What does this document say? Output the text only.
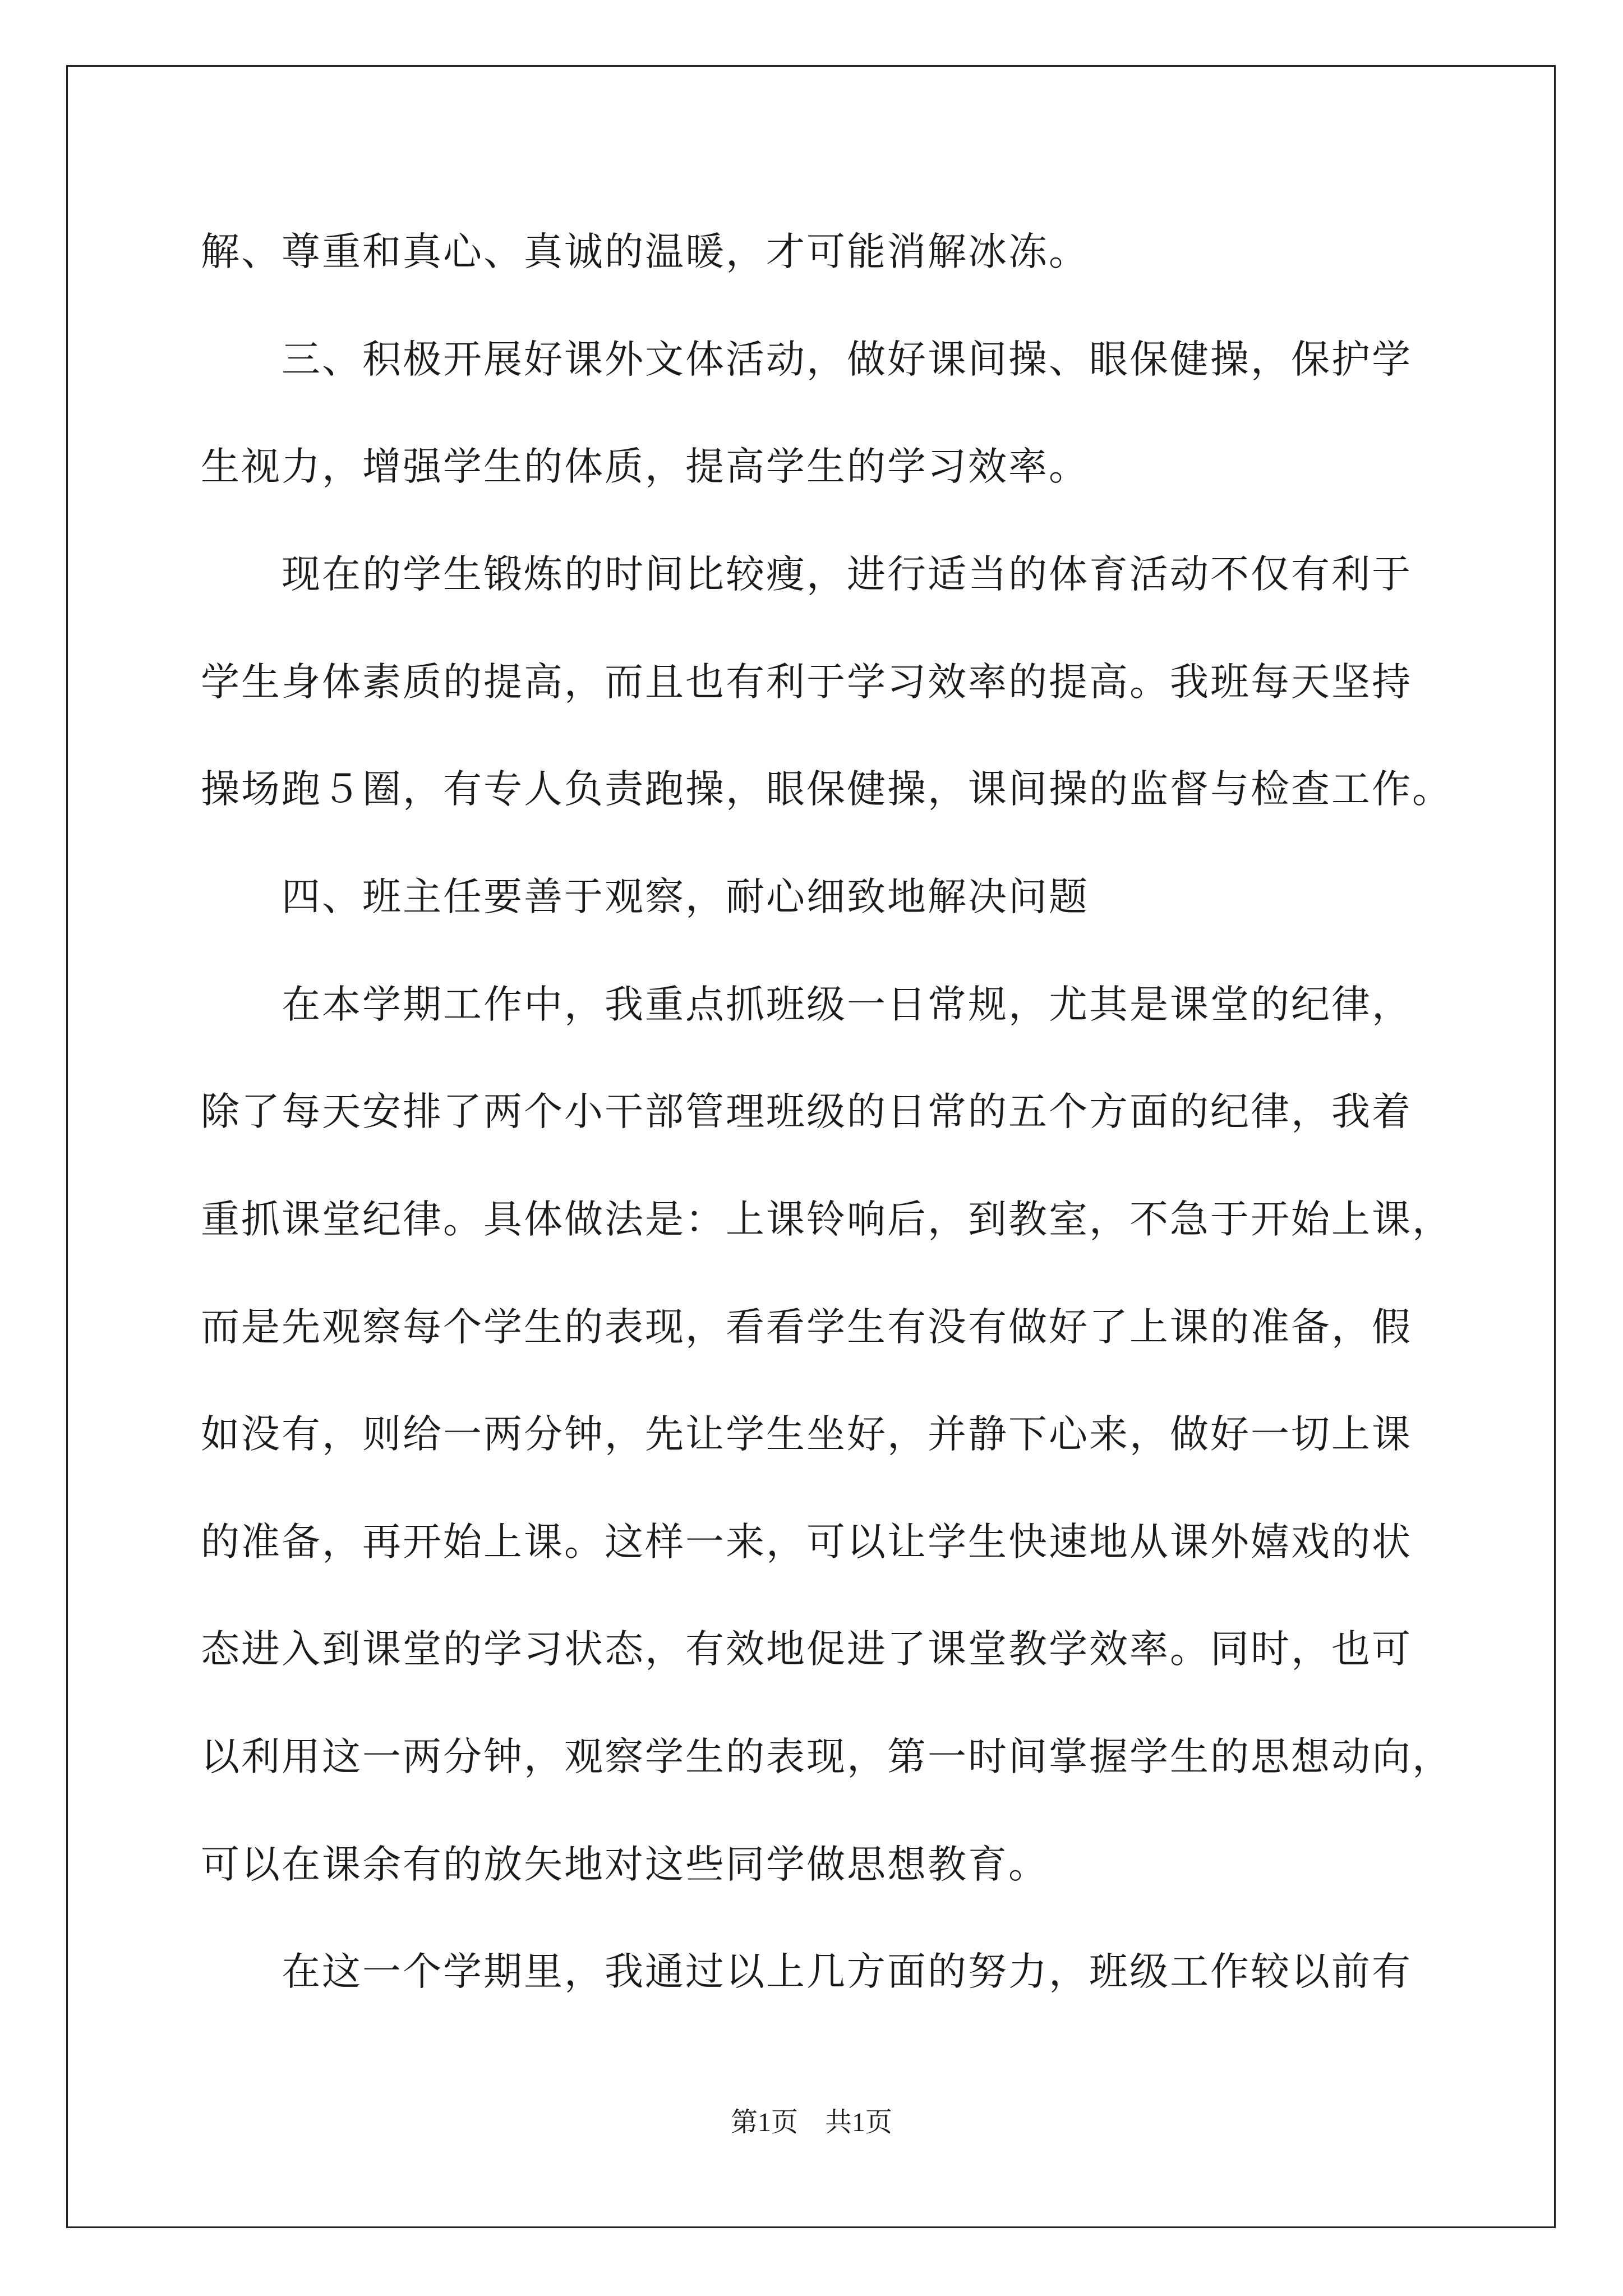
解、尊重和真心、真诚的温暖，才可能消解冰冻。
三、积极开展好课外文体活动，做好课间操、眼保健操，保护学
生视力，增强学生的体质，提高学生的学习效率。
现在的学生锻炼的时间比较瘦，进行适当的体育活动不仅有利于
学生身体素质的提高，而且也有利于学习效率的提高。我班每天坚持
操场跑５圈，有专人负责跑操，眼保健操，课间操的监督与检查工作。
四、班主任要善于观察，耐心细致地解决问题
在本学期工作中，我重点抓班级一日常规，尤其是课堂的纪律，
除了每天安排了两个小干部管理班级的日常的五个方面的纪律，我着
重抓课堂纪律。具体做法是：上课铃响后，到教室，不急于开始上课，
而是先观察每个学生的表现，看看学生有没有做好了上课的准备，假
如没有，则给一两分钟，先让学生坐好，并静下心来，做好一切上课
的准备，再开始上课。这样一来，可以让学生快速地从课外嬉戏的状
态进入到课堂的学习状态，有效地促进了课堂教学效率。同时，也可
以利用这一两分钟，观察学生的表现，第一时间掌握学生的思想动向，
可以在课余有的放矢地对这些同学做思想教育。
在这一个学期里，我通过以上几方面的努力，班级工作较以前有
第1页　共1页
